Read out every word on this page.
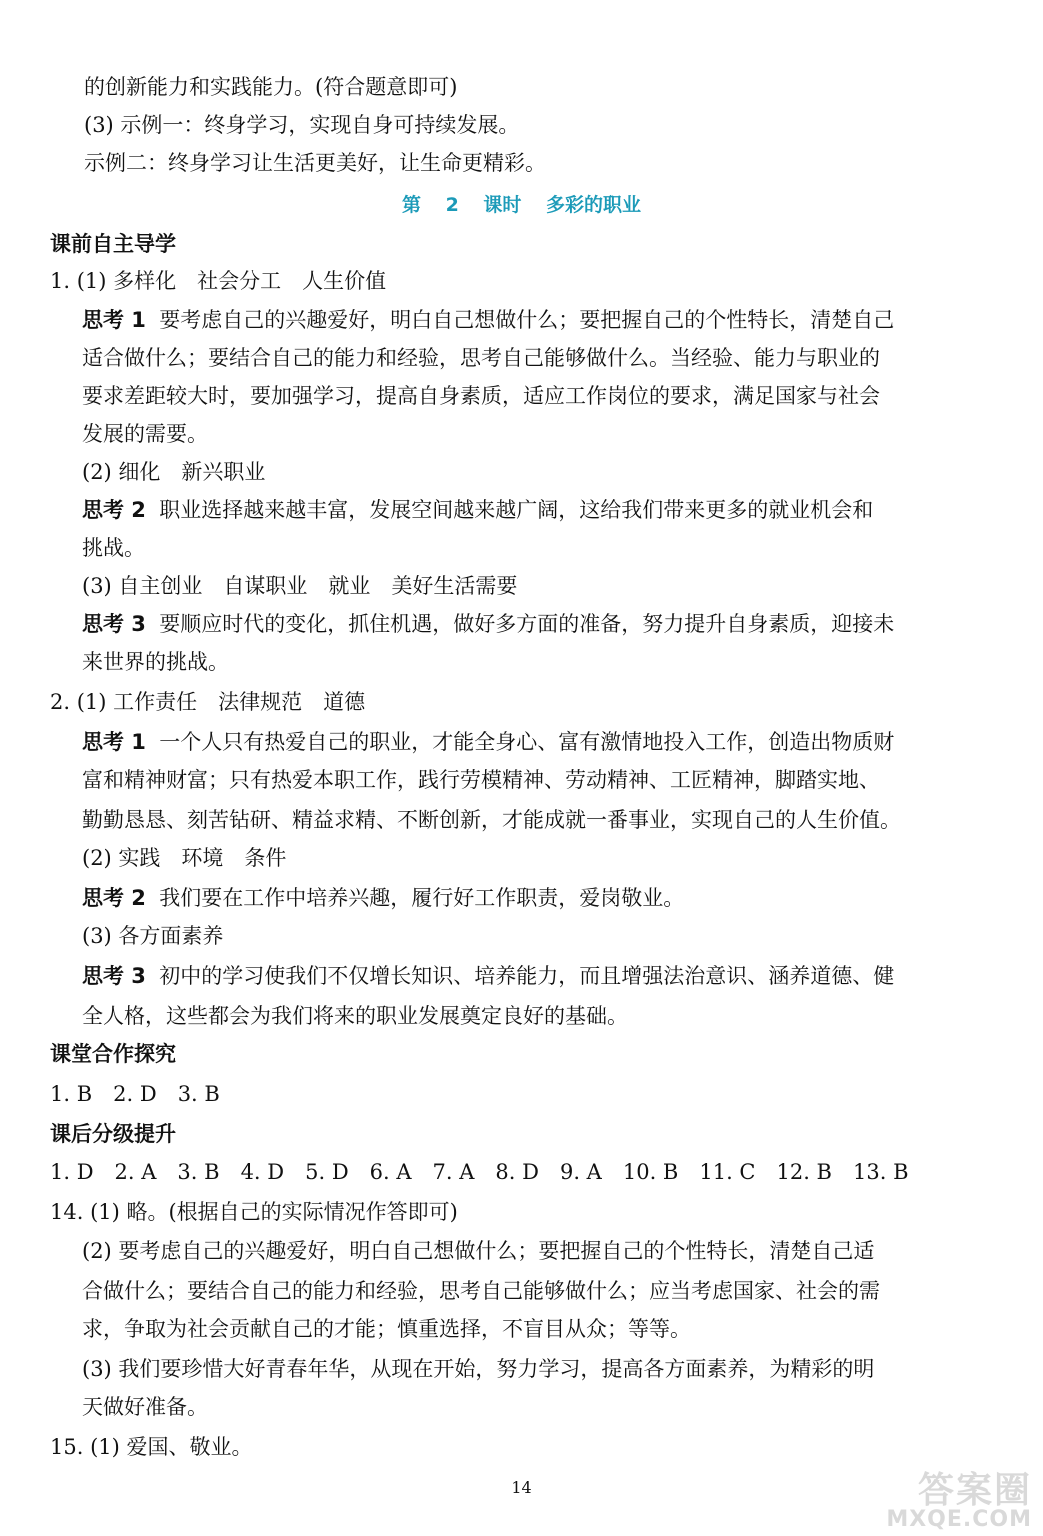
的创新能力和实践能力。(符合题意即可)
(3) 示例一：终身学习，实现自身可持续发展。
示例二：终身学习让生活更美好，让生命更精彩。
第 2 课时 多彩的职业
课前自主导学
1. (1) 多样化　社会分工　人生价值
思考 1 要考虑自己的兴趣爱好，明白自己想做什么；要把握自己的个性特长，清楚自己
适合做什么；要结合自己的能力和经验，思考自己能够做什么。当经验、能力与职业的
要求差距较大时，要加强学习，提高自身素质，适应工作岗位的要求，满足国家与社会
发展的需要。
(2) 细化　新兴职业
思考 2 职业选择越来越丰富，发展空间越来越广阔，这给我们带来更多的就业机会和
挑战。
(3) 自主创业　自谋职业　就业　美好生活需要
思考 3 要顺应时代的变化，抓住机遇，做好多方面的准备，努力提升自身素质，迎接未
来世界的挑战。
2. (1) 工作责任　法律规范　道德
思考 1 一个人只有热爱自己的职业，才能全身心、富有激情地投入工作，创造出物质财
富和精神财富；只有热爱本职工作，践行劳模精神、劳动精神、工匠精神，脚踏实地、
勤勤恳恳、刻苦钻研、精益求精、不断创新，才能成就一番事业，实现自己的人生价值。
(2) 实践　环境　条件
思考 2 我们要在工作中培养兴趣，履行好工作职责，爱岗敬业。
(3) 各方面素养
思考 3 初中的学习使我们不仅增长知识、培养能力，而且增强法治意识、涵养道德、健
全人格，这些都会为我们将来的职业发展奠定良好的基础。
课堂合作探究
1. B　2. D　3. B
课后分级提升
1. D　2. A　3. B　4. D　5. D　6. A　7. A　8. D　9. A　10. B　11. C　12. B　13. B
14. (1) 略。(根据自己的实际情况作答即可)
(2) 要考虑自己的兴趣爱好，明白自己想做什么；要把握自己的个性特长，清楚自己适
合做什么；要结合自己的能力和经验，思考自己能够做什么；应当考虑国家、社会的需
求，争取为社会贡献自己的才能；慎重选择，不盲目从众；等等。
(3) 我们要珍惜大好青春年华，从现在开始，努力学习，提高各方面素养，为精彩的明
天做好准备。
15. (1) 爱国、敬业。
14	答案圈
MXQE.COM
